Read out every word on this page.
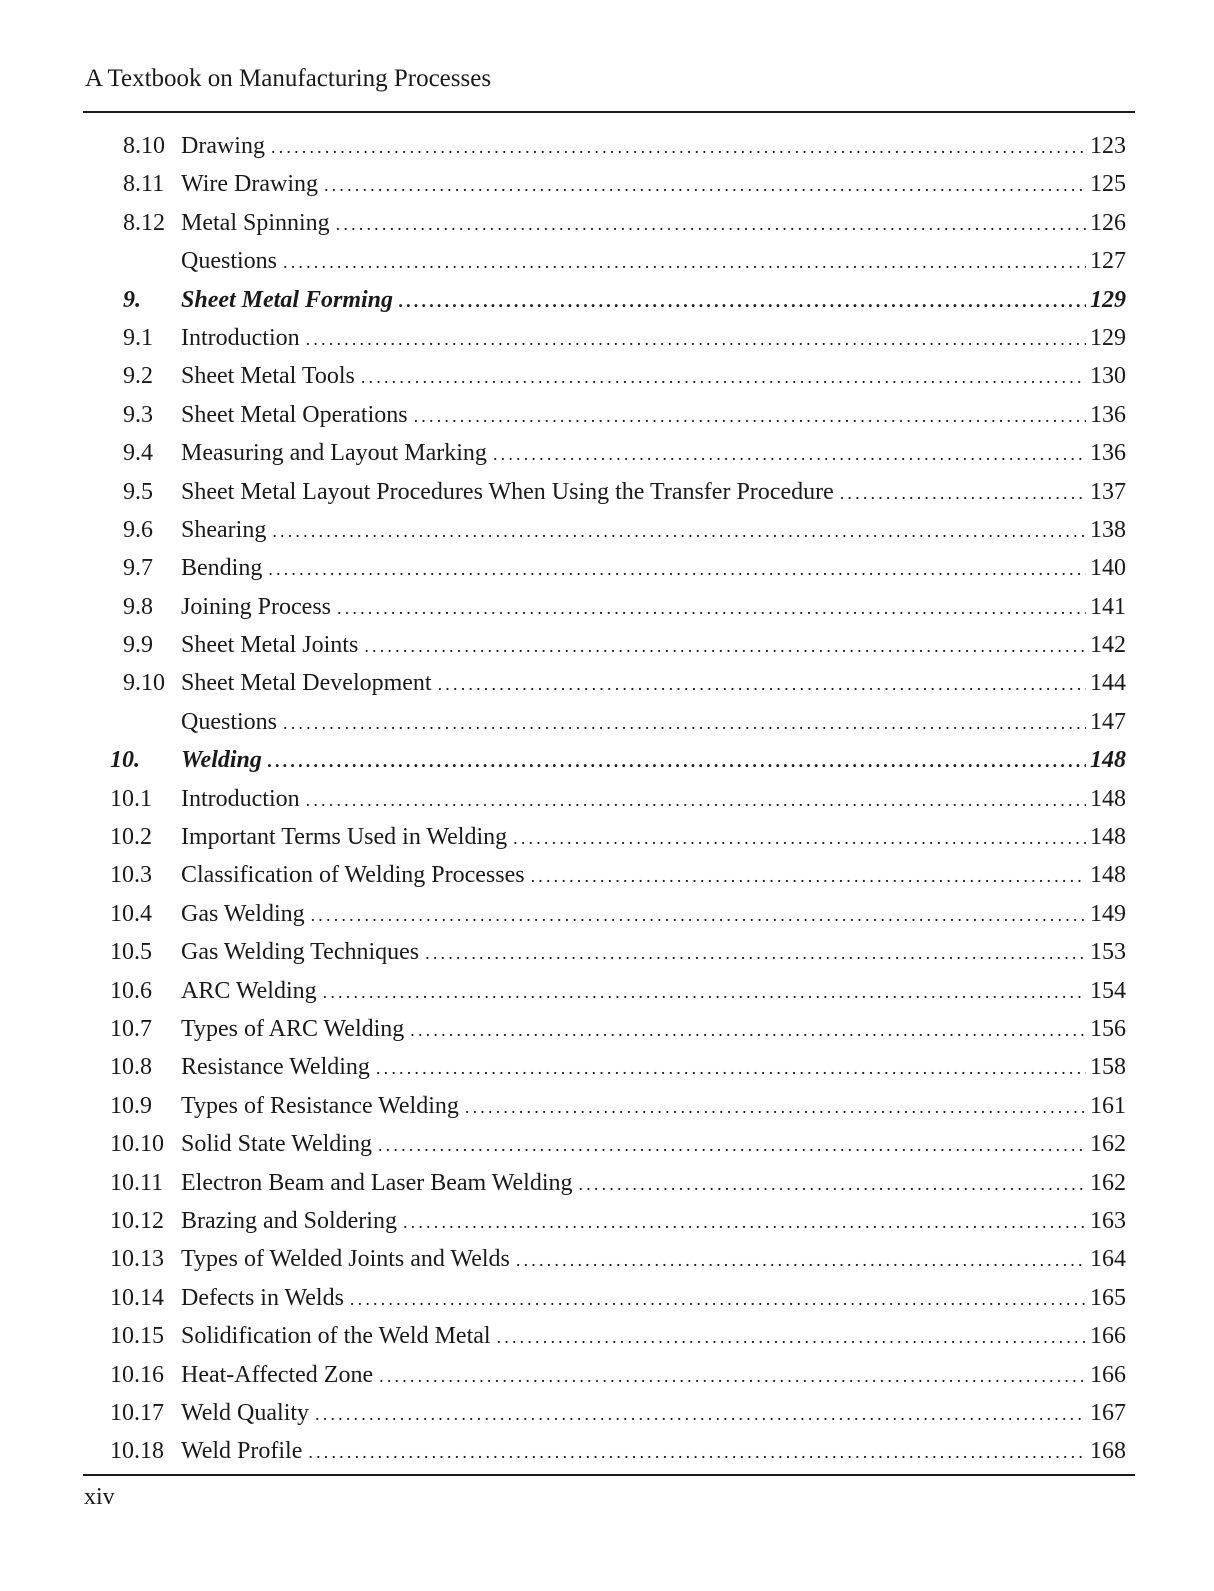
A Textbook on Manufacturing Processes
8.10 Drawing .....	123
8.11 Wire Drawing .....	125
8.12 Metal Spinning .....	126
Questions .....	127
9. Sheet Metal Forming .....	129
9.1 Introduction .....	129
9.2 Sheet Metal Tools .....	130
9.3 Sheet Metal Operations .....	136
9.4 Measuring and Layout Marking .....	136
9.5 Sheet Metal Layout Procedures When Using the Transfer Procedure .....	137
9.6 Shearing .....	138
9.7 Bending .....	140
9.8 Joining Process .....	141
9.9 Sheet Metal Joints .....	142
9.10 Sheet Metal Development .....	144
Questions .....	147
10. Welding .....	148
10.1 Introduction .....	148
10.2 Important Terms Used in Welding .....	148
10.3 Classification of Welding Processes .....	148
10.4 Gas Welding .....	149
10.5 Gas Welding Techniques .....	153
10.6 ARC Welding .....	154
10.7 Types of ARC Welding .....	156
10.8 Resistance Welding .....	158
10.9 Types of Resistance Welding .....	161
10.10 Solid State Welding .....	162
10.11 Electron Beam and Laser Beam Welding .....	162
10.12 Brazing and Soldering .....	163
10.13 Types of Welded Joints and Welds .....	164
10.14 Defects in Welds .....	165
10.15 Solidification of the Weld Metal .....	166
10.16 Heat-Affected Zone .....	166
10.17 Weld Quality .....	167
10.18 Weld Profile .....	168
xiv
